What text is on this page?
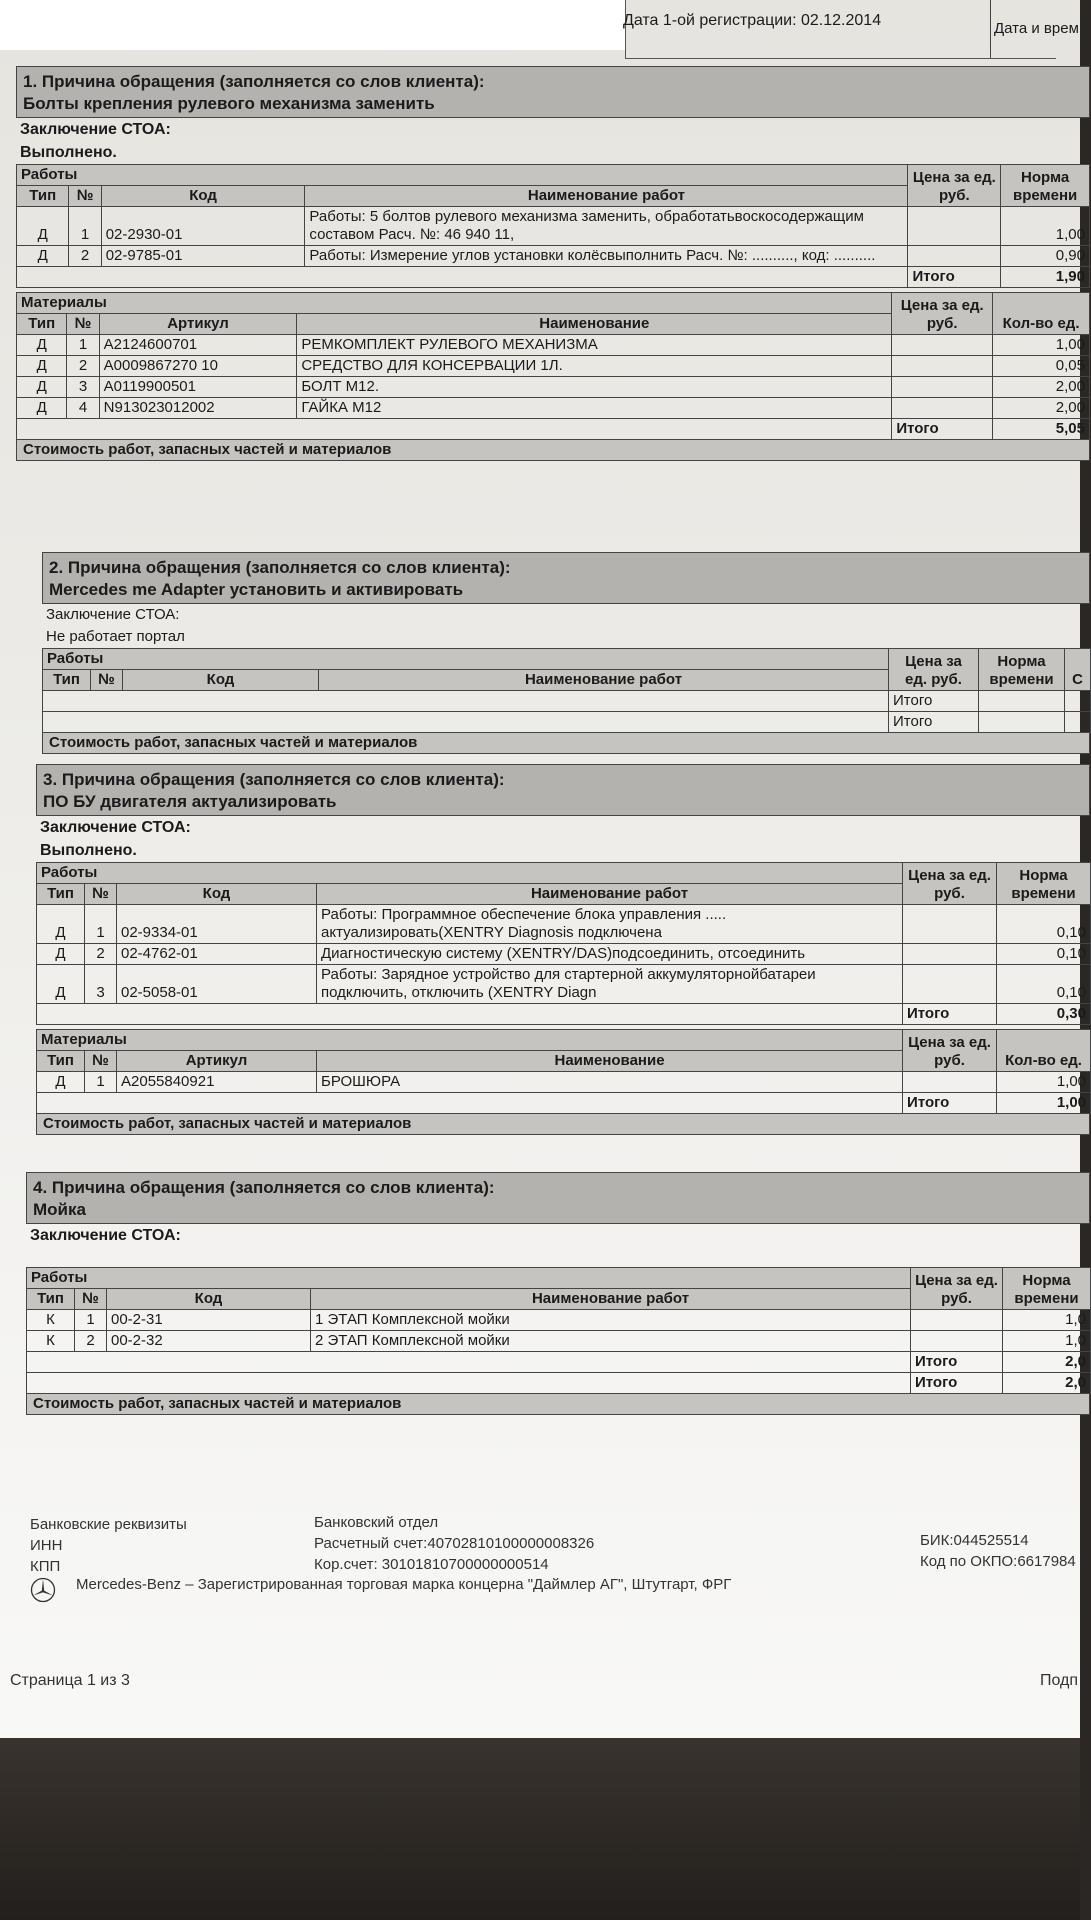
Дата 1-ой регистрации: 02.12.2014	Дата и врем
1. Причина обращения (заполняется со слов клиента):
Болты крепления рулевого механизма заменить
Заключение СТОА:
Выполнено.
Работы				Цена за ед. руб.	Норма времени
Тип	№	Код	Наименование работ		
Д	1	02-2930-01	Работы: 5 болтов рулевого механизма заменить, обработатьвоскосодержащим составом Расч. №: 46 940 11,		1,00
Д	2	02-9785-01	Работы: Измерение углов установки колёсвыполнить Расч. №: .........., код: ..........		0,90
				Итого	1,90
Материалы				Цена за ед. руб.	Кол-во ед.
Тип	№	Артикул	Наименование		
Д	1	A2124600701	РЕМКОМПЛЕКТ РУЛЕВОГО МЕХАНИЗМА		1,00
Д	2	A0009867270 10	СРЕДСТВО ДЛЯ КОНСЕРВАЦИИ 1Л.		0,05
Д	3	A0119900501	БОЛТ М12.		2,00
Д	4	N913023012002	ГАЙКА М12		2,00
				Итого	5,05
Стоимость работ, запасных частей и материалов
2. Причина обращения (заполняется со слов клиента):
Mercedes me Adapter установить и активировать
Заключение СТОА:
Не работает портал
Работы				Цена за ед. руб.	Норма времени	С
Тип	№	Код	Наименование работ			
				Итого		
				Итого		
Стоимость работ, запасных частей и материалов
3. Причина обращения (заполняется со слов клиента):
ПО БУ двигателя актуализировать
Заключение СТОА:
Выполнено.
Работы				Цена за ед. руб.	Норма времени
Тип	№	Код	Наименование работ		
Д	1	02-9334-01	Работы: Программное обеспечение блока управления ..... актуализировать(XENTRY Diagnosis подключена		0,10
Д	2	02-4762-01	Диагностическую систему (XENTRY/DAS)подсоединить, отсоединить		0,10
Д	3	02-5058-01	Работы: Зарядное устройство для стартерной аккумуляторнойбатареи подключить, отключить (XENTRY Diagn		0,10
				Итого	0,30
Материалы				Цена за ед. руб.	Кол-во ед.
Тип	№	Артикул	Наименование		
Д	1	A2055840921	БРОШЮРА		1,00
				Итого	1,00
Стоимость работ, запасных частей и материалов
4. Причина обращения (заполняется со слов клиента):
Мойка
Заключение СТОА:
Работы				Цена за ед. руб.	Норма времени
Тип	№	Код	Наименование работ		
К	1	00-2-31	1 ЭТАП Комплексной мойки		1,0
К	2	00-2-32	2 ЭТАП Комплексной мойки		1,0
				Итого	2,0
				Итого	2,0
Стоимость работ, запасных частей и материалов
Банковские реквизиты
ИНН
КПП
Банковский отдел
Расчетный счет:40702810100000008326
Кор.счет: 30101810700000000514
БИК:044525514
Код по ОКПО:6617984
Mercedes-Benz – Зарегистрированная торговая марка концерна "Даймлер АГ", Штутгарт, ФРГ
Страница 1 из 3	Подп
